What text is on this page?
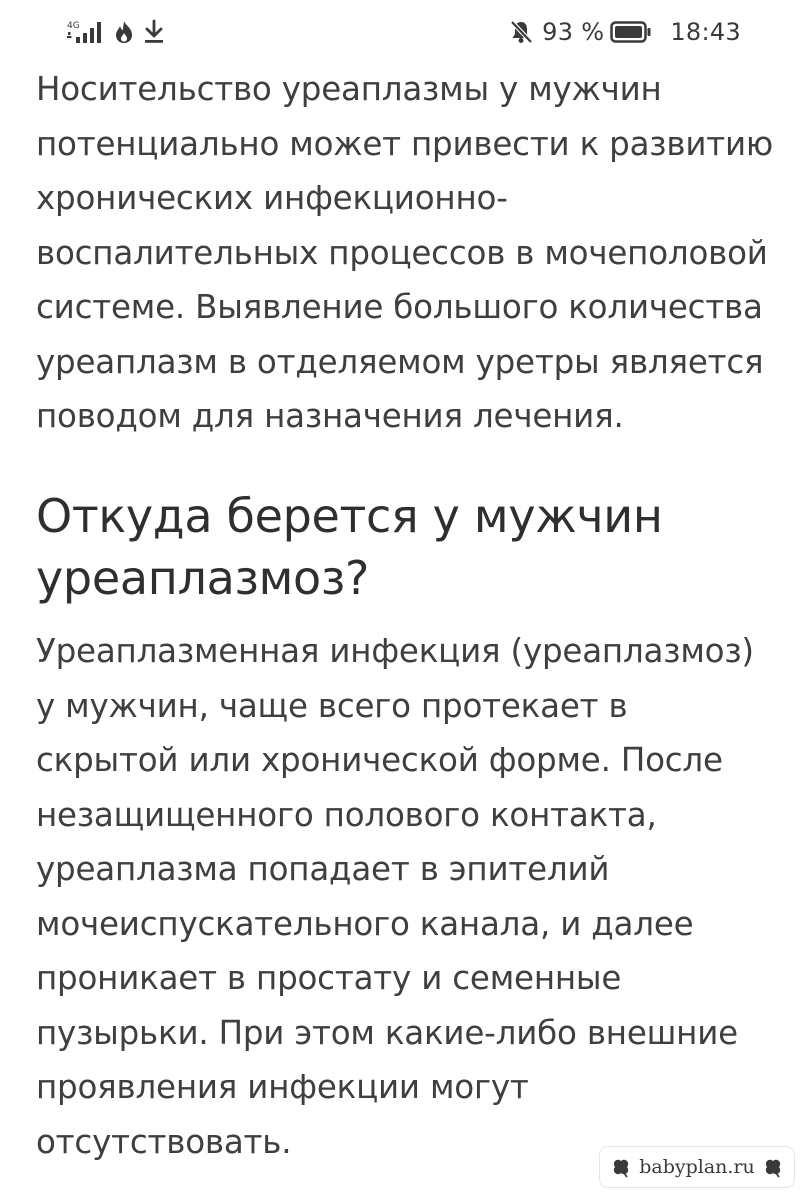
4G	93 %	18:43

Носительство уреаплазмы у мужчин потенциально может привести к развитию хронических инфекционно-воспалительных процессов в мочеполовой системе. Выявление большого количества уреаплазм в отделяемом уретры является поводом для назначения лечения.

Откуда берется у мужчин уреаплазмоз?

Уреаплазменная инфекция (уреаплазмоз) у мужчин, чаще всего протекает в скрытой или хронической форме. После незащищенного полового контакта, уреаплазма попадает в эпителий мочеиспускательного канала, и далее проникает в простату и семенные пузырьки. При этом какие-либо внешние проявления инфекции могут отсутствовать.

babyplan.ru
